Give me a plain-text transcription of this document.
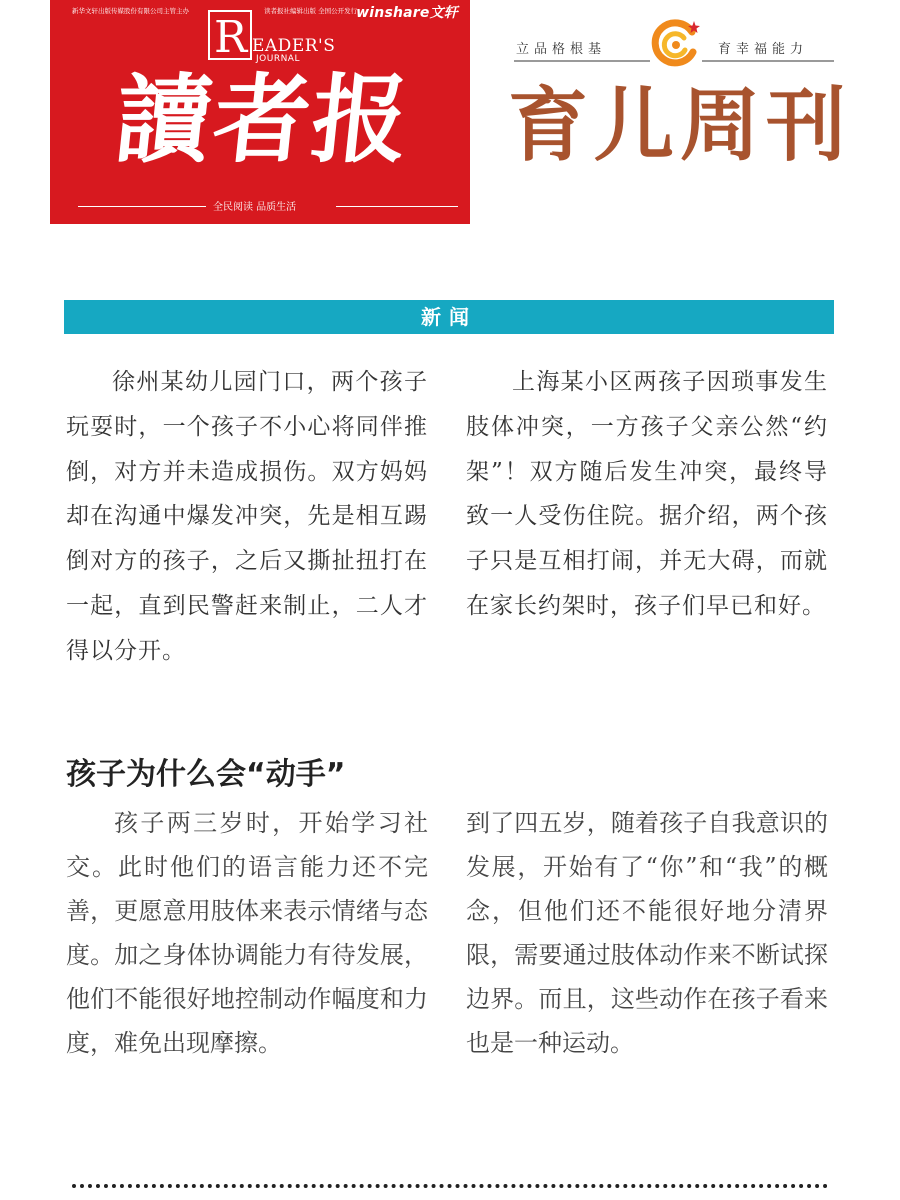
新华文轩出版传媒股份有限公司主管主办	读者报社编辑出版 全国公开发行 winshare文轩
R EADER'S
JOURNAL
讀者报
全民阅读 品质生活
立品格根基	育幸福能力
育儿周刊
新闻

徐州某幼儿园门口，两个孩子玩耍时，一个孩子不小心将同伴推倒，对方并未造成损伤。双方妈妈却在沟通中爆发冲突，先是相互踢倒对方的孩子，之后又撕扯扭打在一起，直到民警赶来制止，二人才得以分开。

上海某小区两孩子因琐事发生肢体冲突，一方孩子父亲公然“约架”！双方随后发生冲突，最终导致一人受伤住院。据介绍，两个孩子只是互相打闹，并无大碍，而就在家长约架时，孩子们早已和好。

孩子为什么会“动手”

孩子两三岁时，开始学习社交。此时他们的语言能力还不完善，更愿意用肢体来表示情绪与态度。加之身体协调能力有待发展，他们不能很好地控制动作幅度和力度，难免出现摩擦。

到了四五岁，随着孩子自我意识的发展，开始有了“你”和“我”的概念，但他们还不能很好地分清界限，需要通过肢体动作来不断试探边界。而且，这些动作在孩子看来也是一种运动。
